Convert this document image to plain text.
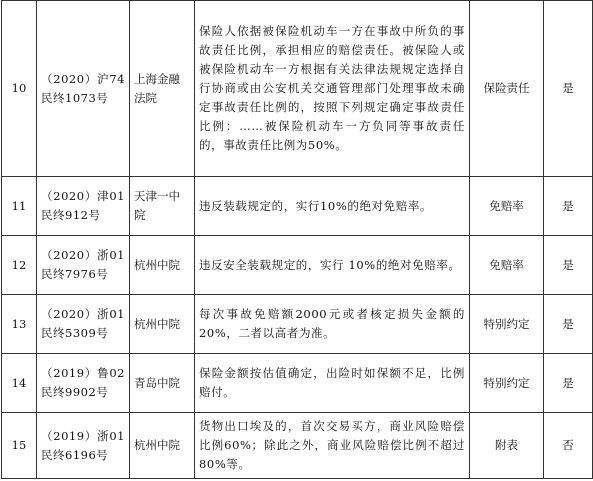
10	（2020）沪74民终1073号	上海金融法院	保险人依据被保险机动车一方在事故中所负的事故责任比例，承担相应的赔偿责任。被保险人或被保险机动车一方根据有关法律法规规定选择自行协商或由公安机关交通管理部门处理事故未确定事故责任比例的，按照下列规定确定事故责任比例：……被保险机动车一方负同等事故责任的，事故责任比例为50%。	保险责任	是
11	（2020）津01民终912号	天津一中院	违反装载规定的，实行10%的绝对免赔率。	免赔率	是
12	（2020）浙01民终7976号	杭州中院	违反安全装载规定的，实行 10%的绝对免赔率。	免赔率	是
13	（2020）浙01民终5309号	杭州中院	每次事故免赔额2000元或者核定损失金额的20%，二者以高者为准。	特别约定	是
14	（2019）鲁02民终9902号	青岛中院	保险金额按估值确定，出险时如保额不足，比例赔付。	特别约定	是
15	（2019）浙01民终6196号	杭州中院	货物出口埃及的，首次交易买方，商业风险赔偿比例60%；除此之外，商业风险赔偿比例不超过80%等。	附表	否
